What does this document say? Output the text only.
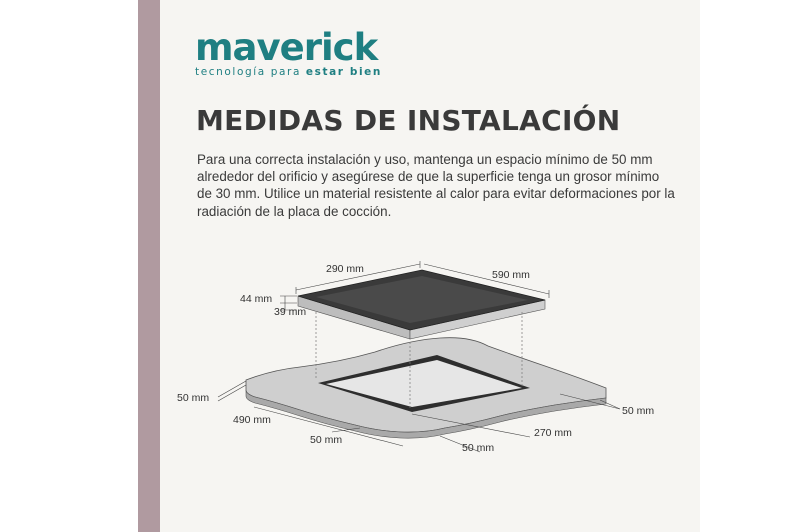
maverick
tecnología para estar bien
MEDIDAS DE INSTALACIÓN

Para una correcta instalación y uso, mantenga un espacio mínimo de 50 mm alrededor del orificio y asegúrese de que la superficie tenga un grosor mínimo de 30 mm. Utilice un material resistente al calor para evitar deformaciones por la radiación de la placa de cocción.

290 mm	590 mm
44 mm
39 mm
50 mm
490 mm
50 mm
50 mm
270 mm
50 mm
